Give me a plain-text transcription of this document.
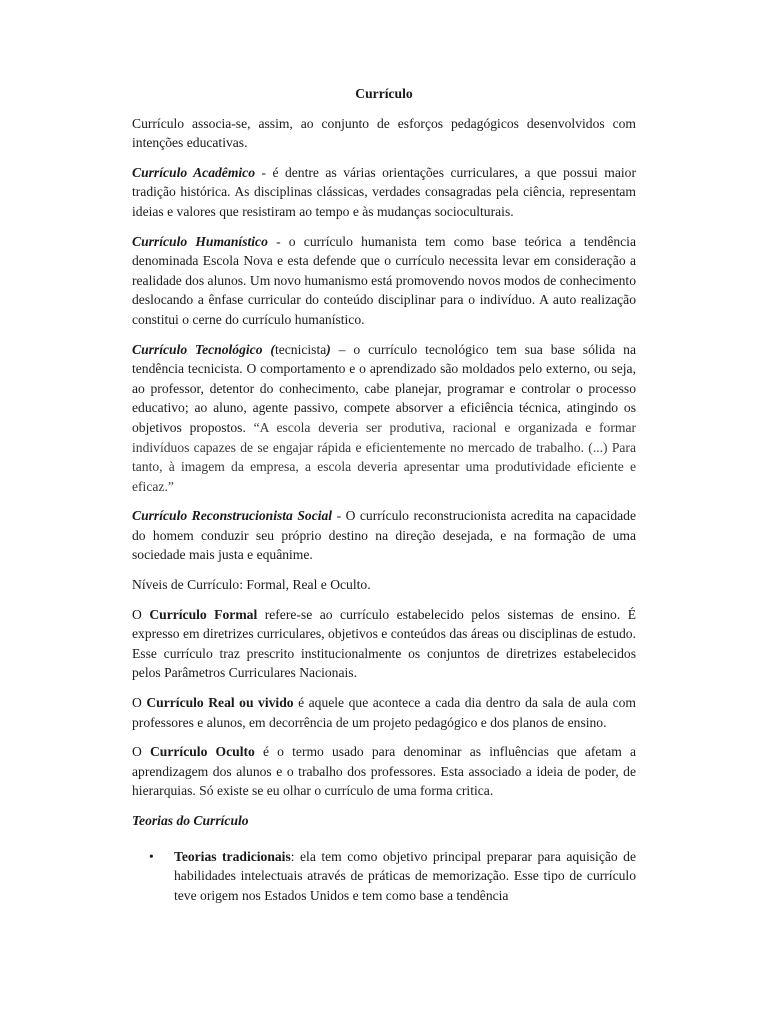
Currículo

Currículo associa-se, assim, ao conjunto de esforços pedagógicos desenvolvidos com intenções educativas.

Currículo Acadêmico - é dentre as várias orientações curriculares, a que possui maior tradição histórica. As disciplinas clássicas, verdades consagradas pela ciência, representam ideias e valores que resistiram ao tempo e às mudanças socioculturais.

Currículo Humanístico - o currículo humanista tem como base teórica a tendência denominada Escola Nova e esta defende que o currículo necessita levar em consideração a realidade dos alunos. Um novo humanismo está promovendo novos modos de conhecimento deslocando a ênfase curricular do conteúdo disciplinar para o indivíduo. A auto realização constitui o cerne do currículo humanístico.

Currículo Tecnológico (tecnicista) – o currículo tecnológico tem sua base sólida na tendência tecnicista. O comportamento e o aprendizado são moldados pelo externo, ou seja, ao professor, detentor do conhecimento, cabe planejar, programar e controlar o processo educativo; ao aluno, agente passivo, compete absorver a eficiência técnica, atingindo os objetivos propostos. “A escola deveria ser produtiva, racional e organizada e formar indivíduos capazes de se engajar rápida e eficientemente no mercado de trabalho. (...) Para tanto, à imagem da empresa, a escola deveria apresentar uma produtividade eficiente e eficaz.”

Currículo Reconstrucionista Social - O currículo reconstrucionista acredita na capacidade do homem conduzir seu próprio destino na direção desejada, e na formação de uma sociedade mais justa e equânime.

Níveis de Currículo: Formal, Real e Oculto.

O Currículo Formal refere-se ao currículo estabelecido pelos sistemas de ensino. É expresso em diretrizes curriculares, objetivos e conteúdos das áreas ou disciplinas de estudo. Esse currículo traz prescrito institucionalmente os conjuntos de diretrizes estabelecidos pelos Parâmetros Curriculares Nacionais.

O Currículo Real ou vivido é aquele que acontece a cada dia dentro da sala de aula com professores e alunos, em decorrência de um projeto pedagógico e dos planos de ensino.

O Currículo Oculto é o termo usado para denominar as influências que afetam a aprendizagem dos alunos e o trabalho dos professores. Esta associado a ideia de poder, de hierarquias. Só existe se eu olhar o currículo de uma forma critica.

Teorias do Currículo
• Teorias tradicionais: ela tem como objetivo principal preparar para aquisição de habilidades intelectuais através de práticas de memorização. Esse tipo de currículo teve origem nos Estados Unidos e tem como base a tendência
